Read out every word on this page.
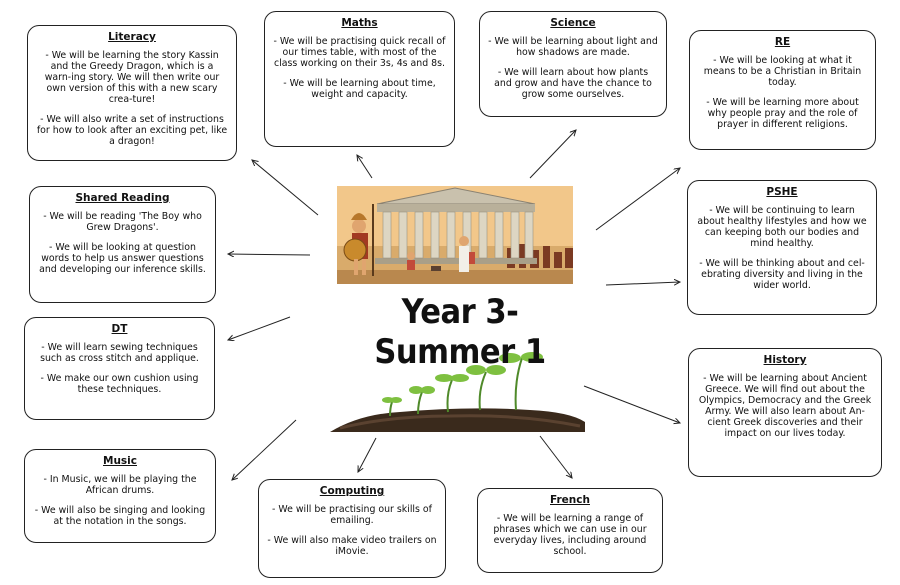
Year 3- Summer 1
Literacy

- We will be learning the story Kassin and the Greedy Dragon, which is a warn-ing story. We will then write our own version of this with a new scary crea-ture!

- We will also write a set of instructions for how to look after an exciting pet, like a dragon!

Maths

- We will be practising quick recall of our times table, with most of the class working on their 3s, 4s and 8s.

- We will be learning about time, weight and capacity.

Science

- We will be learning about light and how shadows are made.

- We will learn about how plants and grow and have the chance to grow some ourselves.

RE

- We will be looking at what it means to be a Christian in Britain today.

- We will be learning more about why people pray and the role of prayer in different religions.

Shared Reading

- We will be reading 'The Boy who Grew Dragons'.

- We will be looking at question words to help us answer questions and developing our inference skills.

PSHE

- We will be continuing to learn about healthy lifestyles and how we can keeping both our bodies and mind healthy.

- We will be thinking about and cel-ebrating diversity and living in the wider world.

DT

- We will learn sewing techniques such as cross stitch and applique.

- We make our own cushion using these techniques.

History

- We will be learning about Ancient Greece. We will find out about the Olympics, Democracy and the Greek Army. We will also learn about An-cient Greek discoveries and their impact on our lives today.

Music

- In Music, we will be playing the African drums.

- We will also be singing and looking at the notation in the songs.

Computing

- We will be practising our skills of emailing.

- We will also make video trailers on iMovie.

French

- We will be learning a range of phrases which we can use in our everyday lives, including around school.
